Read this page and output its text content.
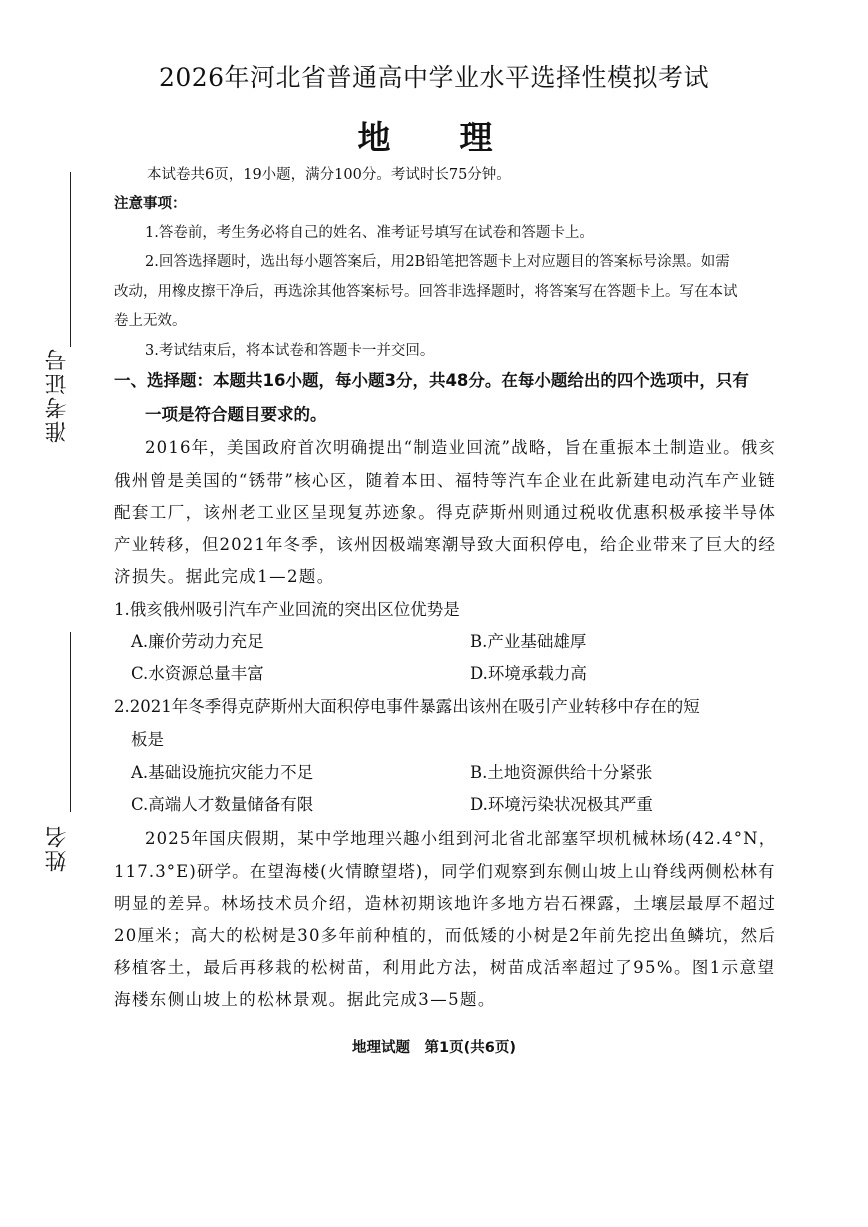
准考证号
姓名
2026年河北省普通高中学业水平选择性模拟考试
地　理
本试卷共6页，19小题，满分100分。考试时长75分钟。
注意事项：
1.答卷前，考生务必将自己的姓名、准考证号填写在试卷和答题卡上。
2.回答选择题时，选出每小题答案后，用2B铅笔把答题卡上对应题目的答案标号涂黑。如需
改动，用橡皮擦干净后，再选涂其他答案标号。回答非选择题时，将答案写在答题卡上。写在本试
卷上无效。
3.考试结束后，将本试卷和答题卡一并交回。
一、选择题：本题共16小题，每小题3分，共48分。在每小题给出的四个选项中，只有
一项是符合题目要求的。
2016年，美国政府首次明确提出“制造业回流”战略，旨在重振本土制造业。俄亥
俄州曾是美国的“锈带”核心区，随着本田、福特等汽车企业在此新建电动汽车产业链
配套工厂，该州老工业区呈现复苏迹象。得克萨斯州则通过税收优惠积极承接半导体
产业转移，但2021年冬季，该州因极端寒潮导致大面积停电，给企业带来了巨大的经
济损失。据此完成1—2题。
1.俄亥俄州吸引汽车产业回流的突出区位优势是
A.廉价劳动力充足	B.产业基础雄厚
C.水资源总量丰富	D.环境承载力高
2.2021年冬季得克萨斯州大面积停电事件暴露出该州在吸引产业转移中存在的短
板是
A.基础设施抗灾能力不足	B.土地资源供给十分紧张
C.高端人才数量储备有限	D.环境污染状况极其严重
2025年国庆假期，某中学地理兴趣小组到河北省北部塞罕坝机械林场(42.4°N，
117.3°E)研学。在望海楼(火情瞭望塔)，同学们观察到东侧山坡上山脊线两侧松林有
明显的差异。林场技术员介绍，造林初期该地许多地方岩石裸露，土壤层最厚不超过
20厘米；高大的松树是30多年前种植的，而低矮的小树是2年前先挖出鱼鳞坑，然后
移植客土，最后再移栽的松树苗，利用此方法，树苗成活率超过了95%。图1示意望
海楼东侧山坡上的松林景观。据此完成3—5题。
地理试题　第1页(共6页)
